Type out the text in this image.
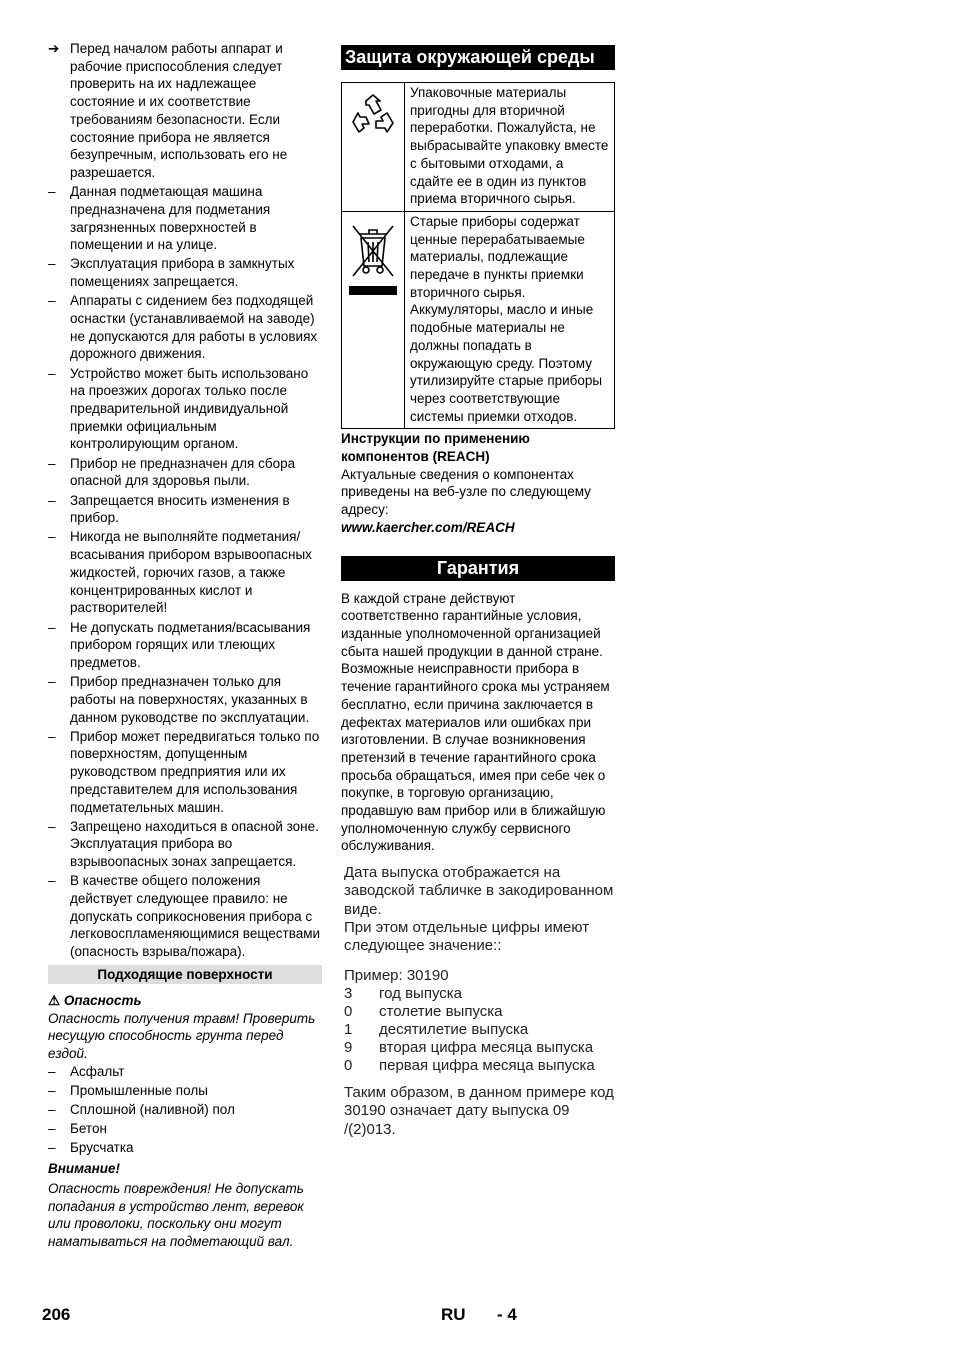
➔ Перед началом работы аппарат и рабочие приспособления следует проверить на их надлежащее состояние и их соответствие требованиям безопасности. Если состояние прибора не является безупречным, использовать его не разрешается.
–	Данная подметающая машина предназначена для подметания загрязненных поверхностей в помещении и на улице.
–	Эксплуатация прибора в замкнутых помещениях запрещается.
–	Аппараты с сидением без подходящей оснастки (устанавливаемой на заводе) не допускаются для работы в условиях дорожного движения.
–	Устройство может быть использовано на проезжих дорогах только после предварительной индивидуальной приемки официальным контролирующим органом.
–	Прибор не предназначен для сбора опасной для здоровья пыли.
–	Запрещается вносить изменения в прибор.
–	Никогда не выполняйте подметания/всасывания прибором взрывоопасных жидкостей, горючих газов, а также концентрированных кислот и растворителей!
–	Не допускать подметания/всасывания прибором горящих или тлеющих предметов.
–	Прибор предназначен только для работы на поверхностях, указанных в данном руководстве по эксплуатации.
–	Прибор может передвигаться только по поверхностям, допущенным руководством предприятия или их представителем для использования подметательных машин.
–	Запрещено находиться в опасной зоне. Эксплуатация прибора во взрывоопасных зонах запрещается.
–	В качестве общего положения действует следующее правило: не допускать соприкосновения прибора с легковоспламеняющимися веществами (опасность взрыва/пожара).
Подходящие поверхности
⚠ Опасность

Опасность получения травм! Проверить несущую способность грунта перед ездой.

–	Асфальт
–	Промышленные полы
–	Сплошной (наливной) пол
–	Бетон
–	Брусчатка

Внимание!

Опасность повреждения! Не допускать попадания в устройство лент, веревок или проволоки, поскольку они могут наматываться на подметающий вал.

Защита окружающей среды
	Упаковочные материалы пригодны для вторичной переработки. Пожалуйста, не выбрасывайте упаковку вместе с бытовыми отходами, а сдайте ее в один из пунктов приема вторичного сырья.
	Старые приборы содержат ценные перерабатываемые материалы, подлежащие передаче в пункты приемки вторичного сырья. Аккумуляторы, масло и иные подобные материалы не должны попадать в окружающую среду. Поэтому утилизируйте старые приборы через соответствующие системы приемки отходов.

Инструкции по применению компонентов (REACH)

Актуальные сведения о компонентах приведены на веб-узле по следующему адресу:

www.kaercher.com/REACH

Гарантия

В каждой стране действуют соответственно гарантийные условия, изданные уполномоченной организацией сбыта нашей продукции в данной стране. Возможные неисправности прибора в течение гарантийного срока мы устраняем бесплатно, если причина заключается в дефектах материалов или ошибках при изготовлении. В случае возникновения претензий в течение гарантийного срока просьба обращаться, имея при себе чек о покупке, в торговую организацию, продавшую вам прибор или в ближайшую уполномоченную службу сервисного обслуживания.

Дата выпуска отображается на заводской табличке в закодированном виде.

При этом отдельные цифры имеют следующее значение::

Пример: 30190

3	год выпуска
0	столетие выпуска
1	десятилетие выпуска
9	вторая цифра месяца выпуска
0	первая цифра месяца выпуска

Таким образом, в данном примере код 30190 означает дату выпуска 09 /(2)013.

206	RU - 4
